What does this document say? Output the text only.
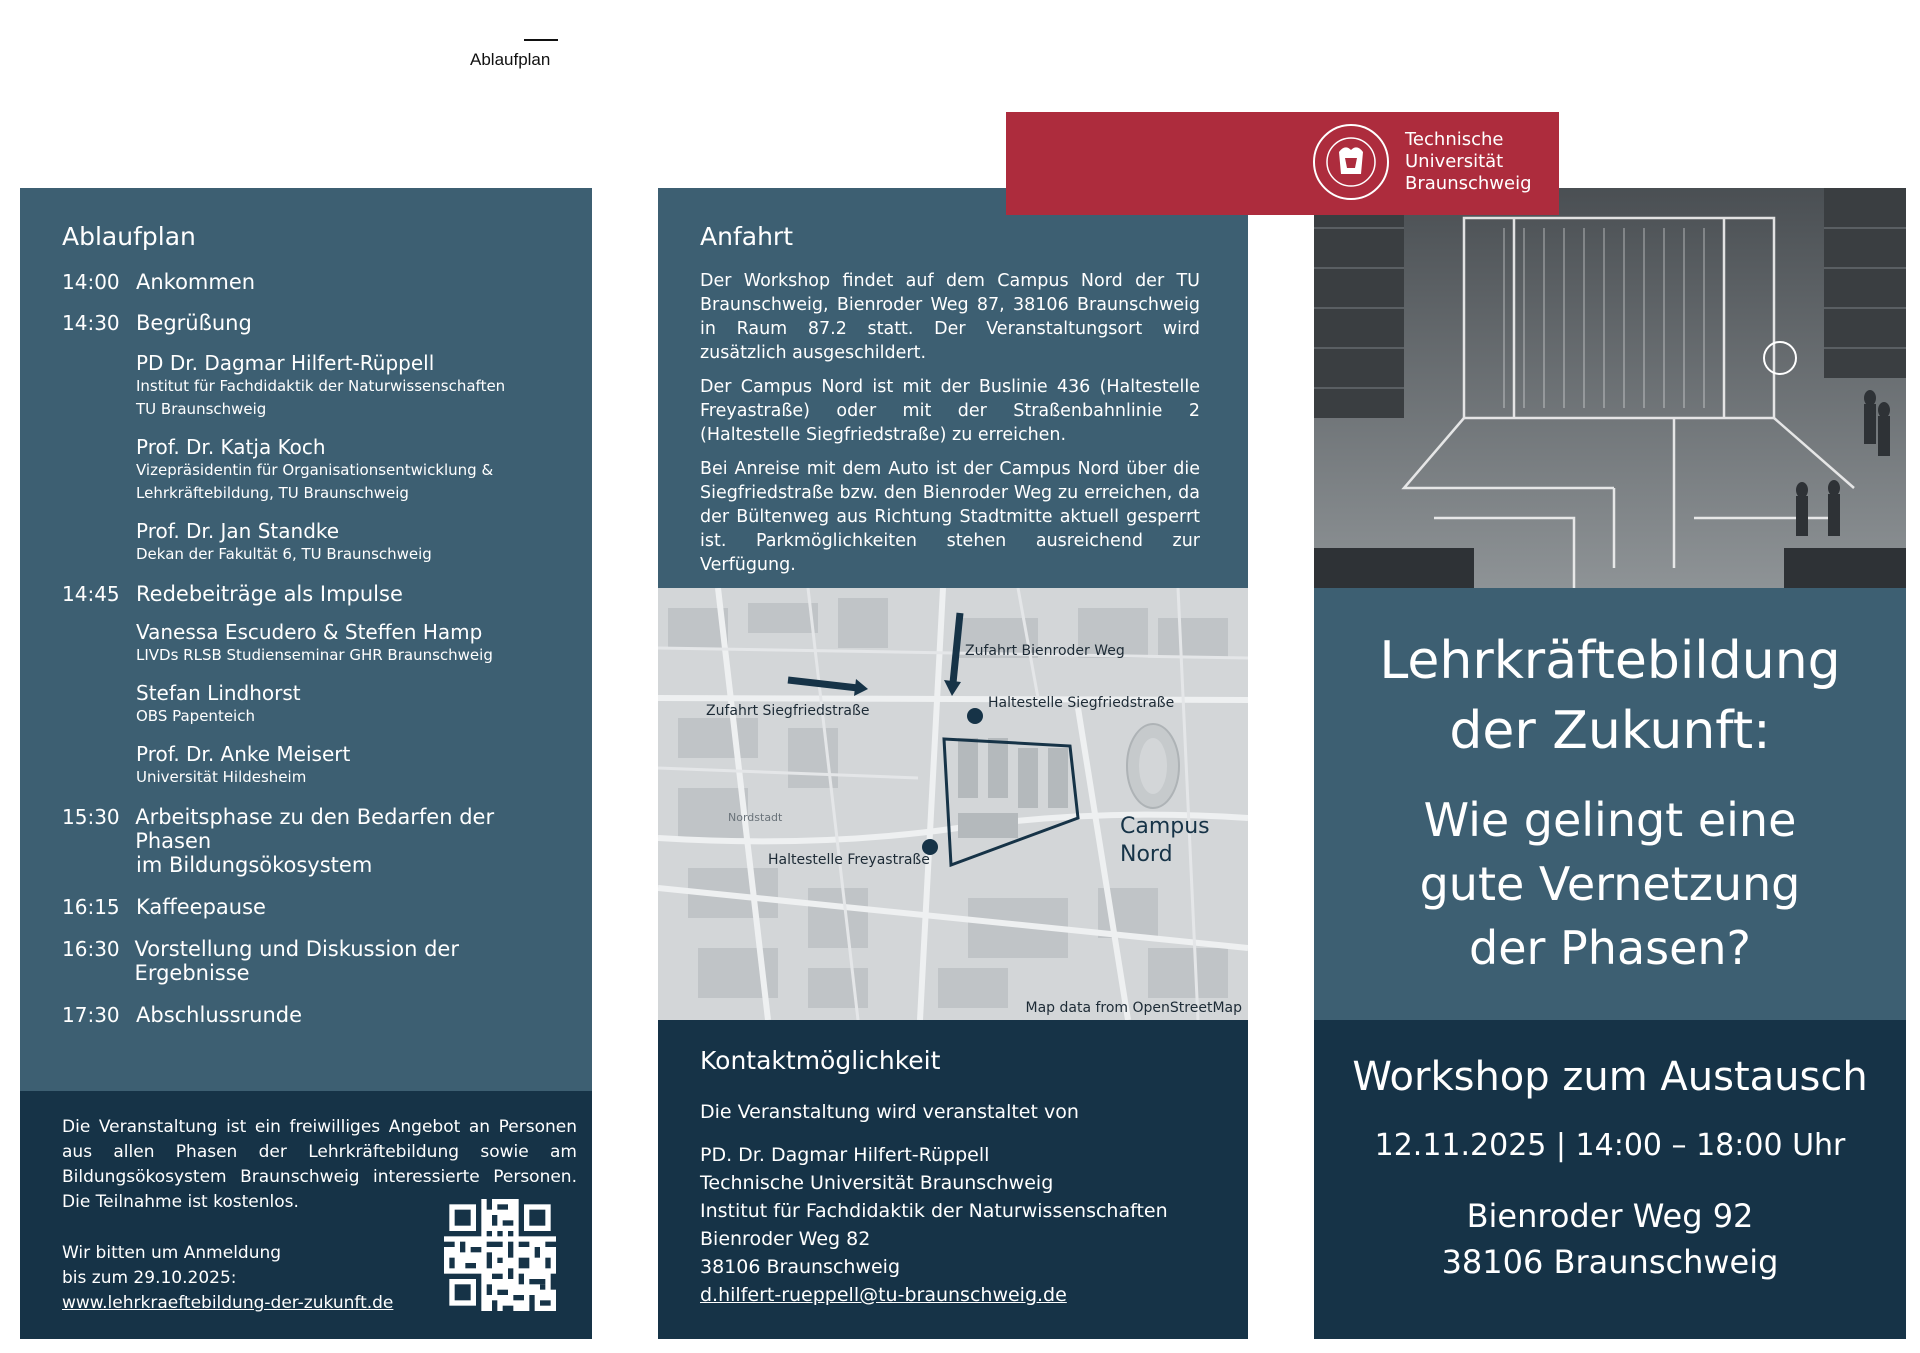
Ablaufplan
Ablaufplan
14:00 Ankommen
14:30 Begrüßung
PD Dr. Dagmar Hilfert-Rüppell
Institut für Fachdidaktik der Naturwissenschaften
TU Braunschweig
Prof. Dr. Katja Koch
Vizepräsidentin für Organisationsentwicklung &
Lehrkräftebildung, TU Braunschweig
Prof. Dr. Jan Standke
Dekan der Fakultät 6, TU Braunschweig
14:45 Redebeiträge als Impulse
Vanessa Escudero & Steffen Hamp
LIVDs RLSB Studienseminar GHR Braunschweig
Stefan Lindhorst
OBS Papenteich
Prof. Dr. Anke Meisert
Universität Hildesheim
15:30 Arbeitsphase zu den Bedarfen der Phasen
im Bildungsökosystem
16:15 Kaffeepause
16:30 Vorstellung und Diskussion der Ergebnisse
17:30 Abschlussrunde
Die Veranstaltung ist ein freiwilliges Angebot an Personen aus allen Phasen der Lehrkräftebildung sowie am Bildungsökosystem Braunschweig interessierte Personen. Die Teilnahme ist kostenlos.
Wir bitten um Anmeldung
bis zum 29.10.2025:
www.lehrkraeftebildung-der-zukunft.de
Anfahrt

Der Workshop findet auf dem Campus Nord der TU Braunschweig, Bienroder Weg 87, 38106 Braunschweig in Raum 87.2 statt. Der Veranstaltungsort wird zusätzlich ausgeschildert.

Der Campus Nord ist mit der Buslinie 436 (Haltestelle Freyastraße) oder mit der Straßenbahnlinie 2 (Haltestelle Siegfriedstraße) zu erreichen.

Bei Anreise mit dem Auto ist der Campus Nord über die Siegfriedstraße bzw. den Bienroder Weg zu erreichen, da der Bültenweg aus Richtung Stadtmitte aktuell gesperrt ist. Parkmöglichkeiten stehen ausreichend zur Verfügung.

Zufahrt Bienroder Weg
Zufahrt Siegfriedstraße	Haltestelle Siegfriedstraße
Haltestelle Freyastraße
Campus
Nord
Nordstadt
Map data from OpenStreetMap
Kontaktmöglichkeit
Die Veranstaltung wird veranstaltet von
PD. Dr. Dagmar Hilfert-Rüppell
Technische Universität Braunschweig
Institut für Fachdidaktik der Naturwissenschaften
Bienroder Weg 82
38106 Braunschweig
d.hilfert-rueppell@tu-braunschweig.de
Technische
Universität
Braunschweig
Lehrkräftebildung
der Zukunft:
Wie gelingt eine
gute Vernetzung
der Phasen?
Workshop zum Austausch
12.11.2025 | 14:00 – 18:00 Uhr
Bienroder Weg 92
38106 Braunschweig
